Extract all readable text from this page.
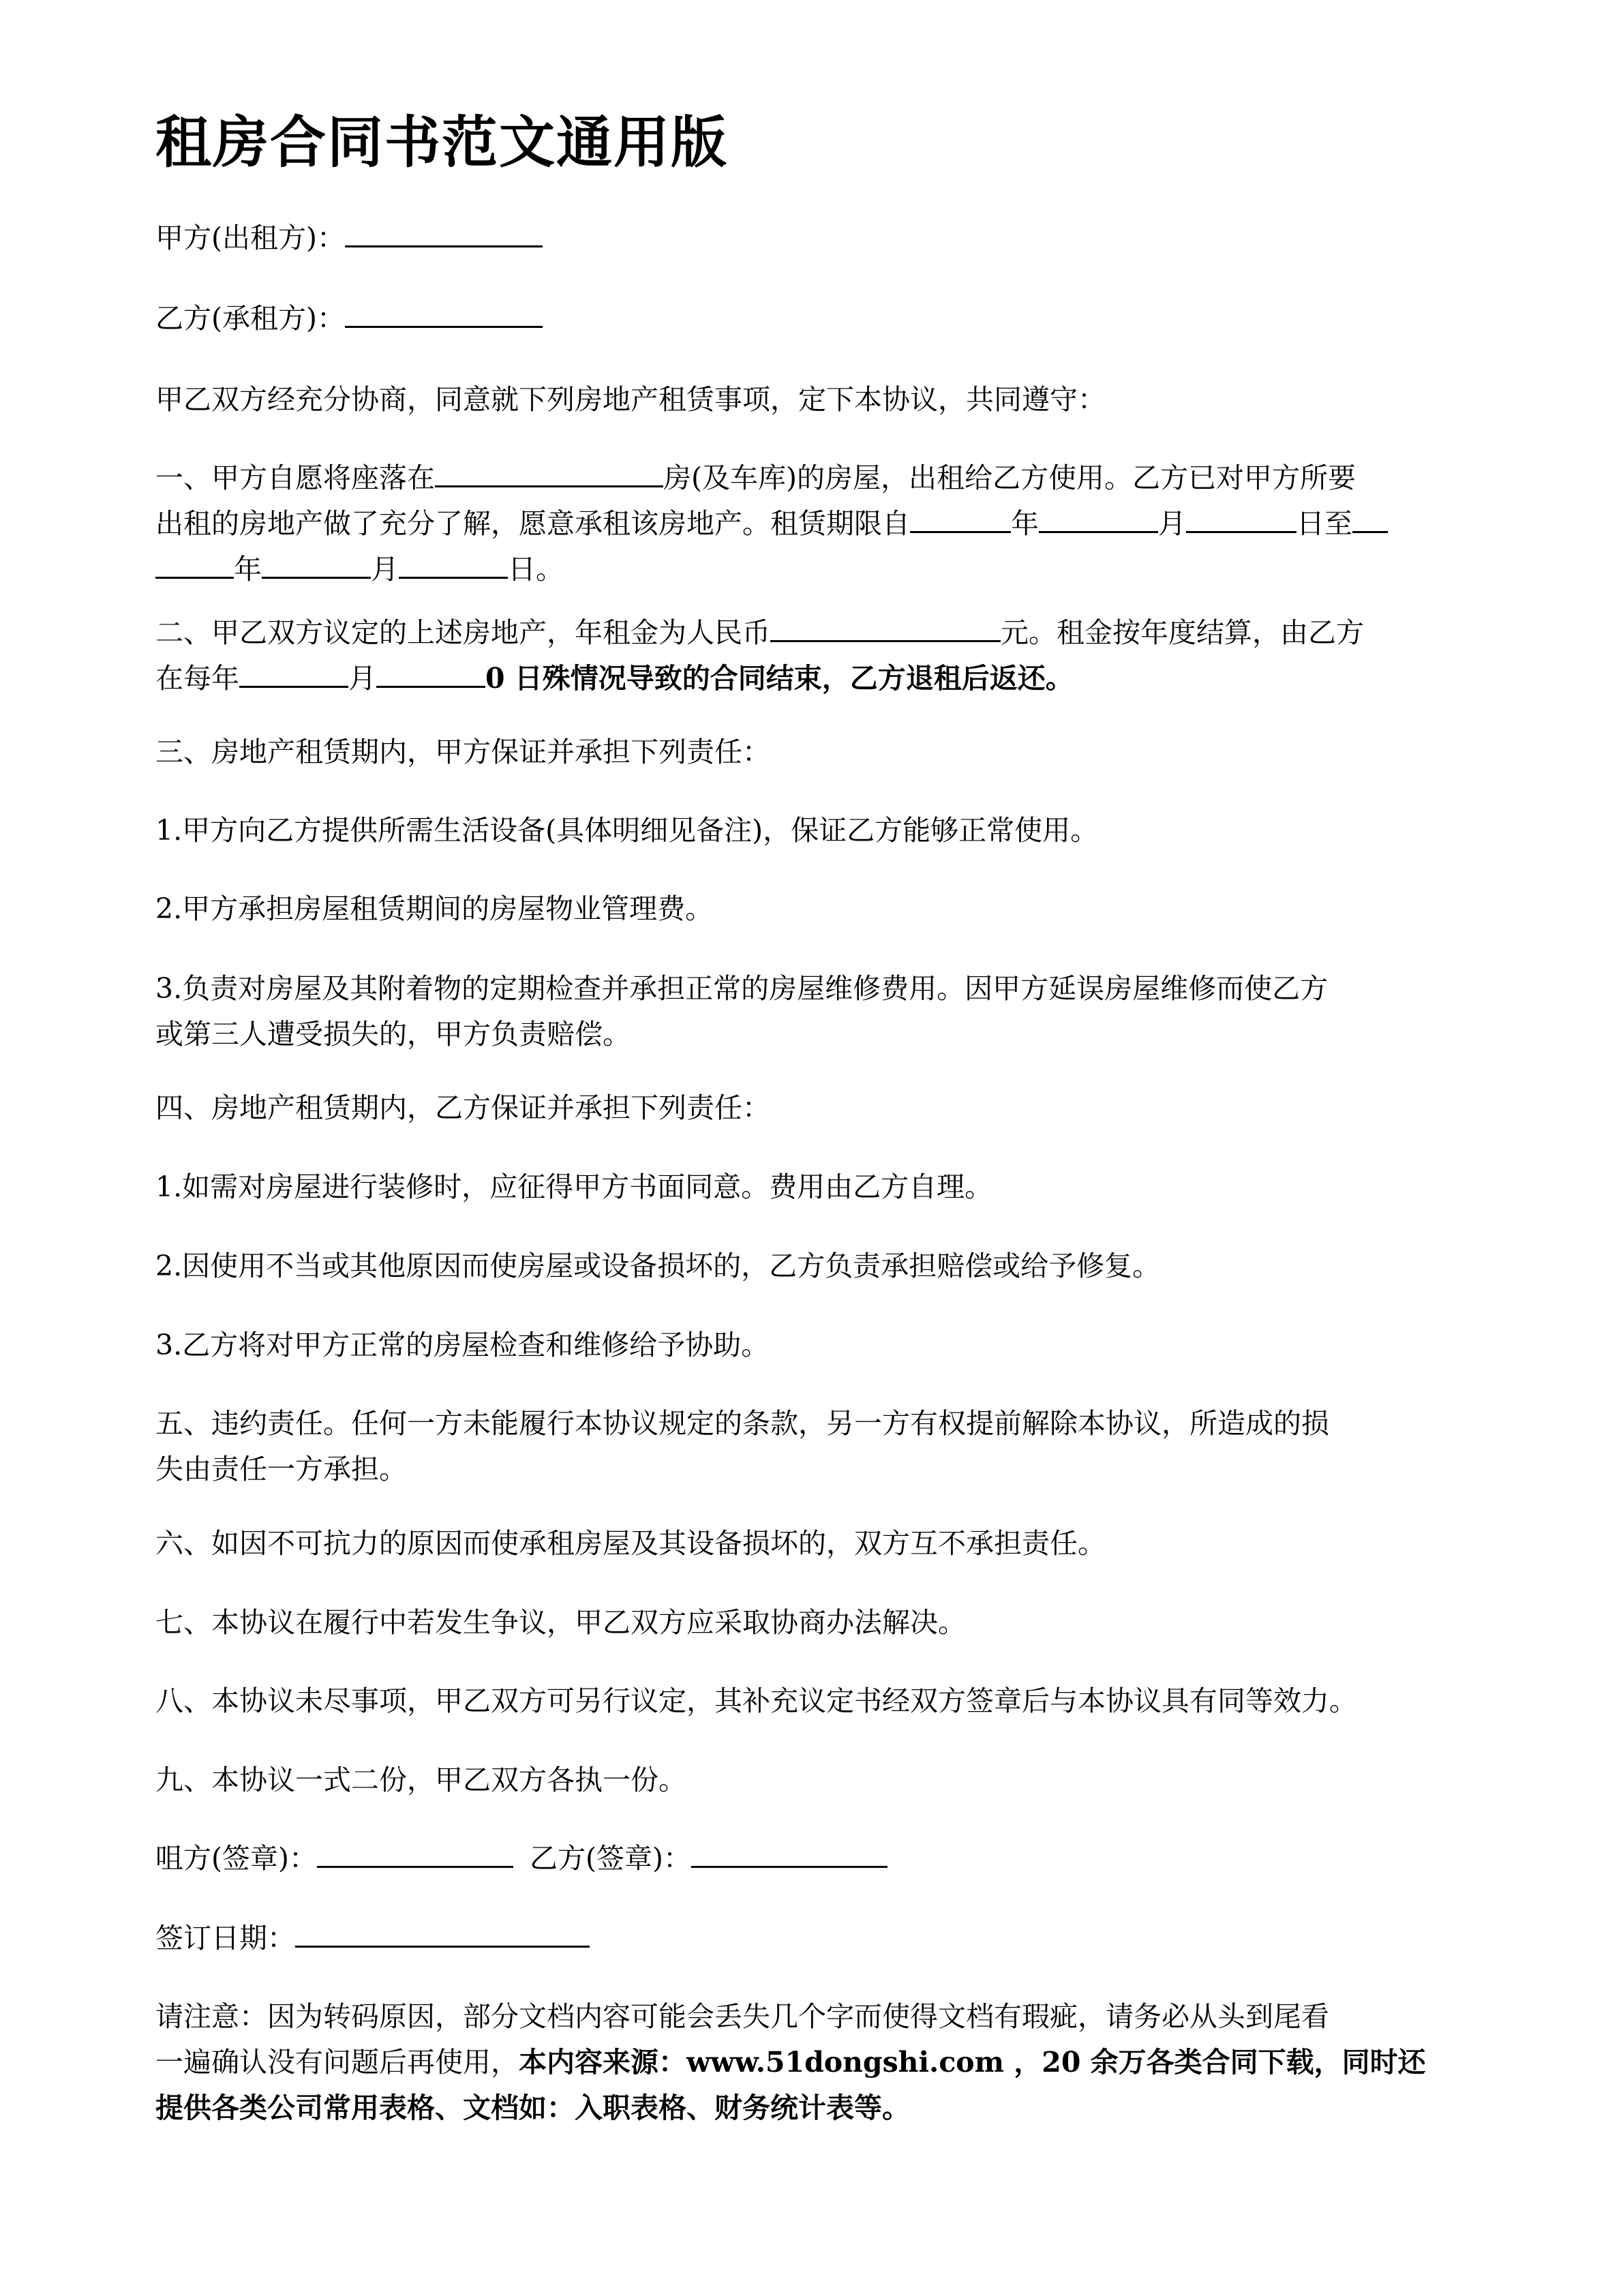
租房合同书范文通用版

甲方(出租方)：

乙方(承租方)：

甲乙双方经充分协商，同意就下列房地产租赁事项，定下本协议，共同遵守：

一、甲方自愿将座落在	房(及车库)的房屋，出租给乙方使用。乙方已对甲方所要
出租的房地产做了充分了解，愿意承租该房地产。租赁期限自	年	月	日至
年	月	日。

二、甲乙双方议定的上述房地产，年租金为人民币	元。租金按年度结算，由乙方
在每年	月	0 日殊情况导致的合同结束，乙方退租后返还。

三、房地产租赁期内，甲方保证并承担下列责任：

1.甲方向乙方提供所需生活设备(具体明细见备注)，保证乙方能够正常使用。

2.甲方承担房屋租赁期间的房屋物业管理费。

3.负责对房屋及其附着物的定期检查并承担正常的房屋维修费用。因甲方延误房屋维修而使乙方
或第三人遭受损失的，甲方负责赔偿。

四、房地产租赁期内，乙方保证并承担下列责任：

1.如需对房屋进行装修时，应征得甲方书面同意。费用由乙方自理。

2.因使用不当或其他原因而使房屋或设备损坏的，乙方负责承担赔偿或给予修复。

3.乙方将对甲方正常的房屋检查和维修给予协助。

五、违约责任。任何一方未能履行本协议规定的条款，另一方有权提前解除本协议，所造成的损
失由责任一方承担。

六、如因不可抗力的原因而使承租房屋及其设备损坏的，双方互不承担责任。

七、本协议在履行中若发生争议，甲乙双方应采取协商办法解决。

八、本协议未尽事项，甲乙双方可另行议定，其补充议定书经双方签章后与本协议具有同等效力。

九、本协议一式二份，甲乙双方各执一份。

咀方(签章)：	乙方(签章)：

签订日期：

请注意：因为转码原因，部分文档内容可能会丢失几个字而使得文档有瑕疵，请务必从头到尾看
一遍确认没有问题后再使用，本内容来源：www.51dongshi.com ，20 余万各类合同下载，同时还
提供各类公司常用表格、文档如：入职表格、财务统计表等。
